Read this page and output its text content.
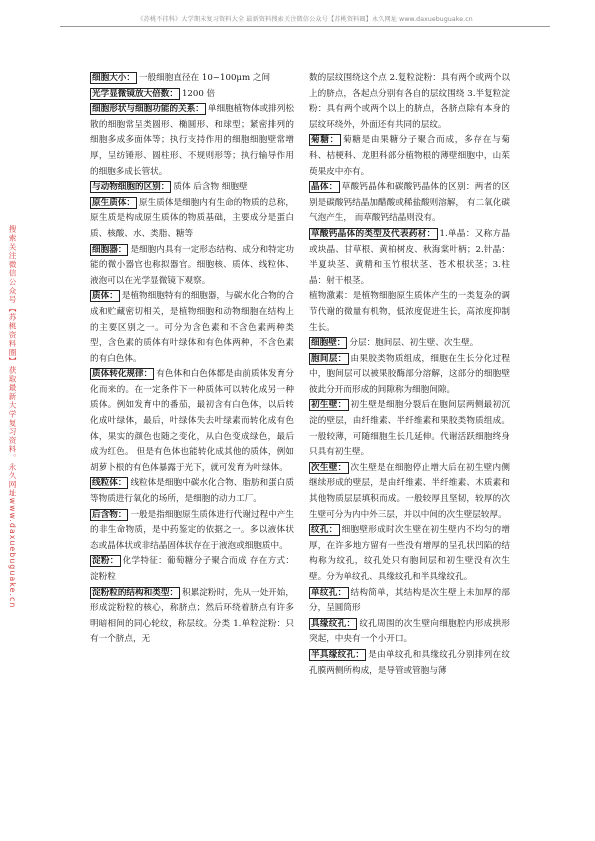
《苏桃不挂科》大学期末复习资料大全 最新资料搜索关注微信公众号【苏桃资料圈】永久网址 www.daxuebuguake.cn
搜索关注微信公众号【苏桃资料圈】获取最新大学复习资料。永久网址www.daxuebuguake.cn

细胞大小： 一般细胞直径在 10~100μm 之间

光学显微镜放大倍数： 1200 倍

细胞形状与细胞功能的关系： 单细胞植物体或排列松散的细胞常呈类圆形、椭圆形、和球型；紧密排列的细胞多成多面体等；执行支持作用的细胞细胞壁常增厚，呈纺锤形、圆柱形、不规则形等；执行输导作用的细胞多成长管状。

与动物细胞的区别： 质体 后含物 细胞壁

原生质体： 原生质体是细胞内有生命的物质的总称，原生质是构成原生质体的物质基础，主要成分是蛋白质、核酸、水、类脂、糖等

细胞器： 是细胞内具有一定形态结构、成分和特定功能的微小器官也称拟器官。细胞核、质体、线粒体、液泡可以在光学显微镜下观察。

质体： 是植物细胞特有的细胞器，与碳水化合物的合成和贮藏密切相关，是植物细胞和动物细胞在结构上的主要区别之一。可分为含色素和不含色素两种类型，含色素的质体有叶绿体和有色体两种，不含色素的有白色体。

质体转化规律： 有色体和白色体都是由前质体发育分化而来的。在一定条件下一种质体可以转化成另一种质体。例如发育中的番茄，最初含有白色体，以后转化成叶绿体，最后，叶绿体失去叶绿素而转化成有色体，果实的颜色也随之变化，从白色变成绿色，最后成为红色。 但是有色体也能转化成其他的质体，例如胡萝卜根的有色体暴露于光下，就可发育为叶绿体。

线粒体： 线粒体是细胞中碳水化合物、脂肪和蛋白质等物质进行氧化的场所，是细胞的动力工厂。

后含物： 一般是指细胞原生质体进行代谢过程中产生的非生命物质，是中药鉴定的依据之一。多以液体状态或晶体状或非结晶固体状存在于液泡或细胞质中。

淀粉： 化学特征：葡萄糖分子聚合而成 存在方式：淀粉粒

淀粉粒的结构和类型： 积累淀粉时，先从一处开始，形成淀粉粒的核心，称脐点；然后环绕着脐点有许多明暗相间的同心轮纹，称层纹。分类 1.单粒淀粉：只有一个脐点，无

数的层纹围绕这个点 2.复粒淀粉：具有两个或两个以上的脐点，各起点分别有各自的层纹围绕 3.半复粒淀粉：具有两个或两个以上的脐点，各脐点除有本身的层纹环绕外，外面还有共同的层纹。

菊糖： 菊糖是由果糖分子聚合而成，多存在与菊科、桔梗科、龙胆科部分植物根的薄壁细胞中，山茱萸果皮中亦有。

晶体： 草酸钙晶体和碳酸钙晶体的区别：两者的区别是碳酸钙结晶加醋酸或稀盐酸则溶解， 有二氧化碳气泡产生， 而草酸钙结晶则没有。

草酸钙晶体的类型及代表药材： 1.单晶：又称方晶或块晶、甘草根、黄柏树皮、秋海棠叶柄；2.针晶：半夏块茎、黄精和玉竹根状茎、苍术根状茎；3.柱晶：射干根茎。

植物激素：是植物细胞原生质体产生的一类复杂的调节代谢的微量有机物，低浓度促进生长，高浓度抑制生长。

细胞壁： 分层：胞间层、初生壁、次生壁。

胞间层： 由果胶类物质组成，细胞在生长分化过程中，胞间层可以被果胶酶部分溶解，这部分的细胞壁彼此分开而形成的间隙称为细胞间隙。

初生壁： 初生壁是细胞分裂后在胞间层两侧最初沉淀的壁层，由纤维素、半纤维素和果胶类物质组成。一般较薄，可随细胞生长几延伸。代谢活跃细胞终身只具有初生壁。

次生壁： 次生壁是在细胞停止增大后在初生壁内侧继续形成的壁层，是由纤维素、半纤维素、木质素和其他物质层层填积而成。一般较厚且坚韧，较厚的次生壁可分为内中外三层，并以中间的次生壁层较厚。

纹孔： 细胞壁形成时次生壁在初生壁内不均匀的增厚，在许多地方留有一些没有增厚的呈孔状凹陷的结构称为纹孔，纹孔处只有胞间层和初生壁没有次生壁。分为单纹孔、具缘纹孔和半具缘纹孔。

单纹孔： 结构简单，其结构是次生壁上未加厚的部分，呈圆筒形

具缘纹孔： 纹孔周围的次生壁向细胞腔内形成拱形突起，中央有一个小开口。

半具缘纹孔： 是由单纹孔和具缘纹孔分别排列在纹孔膜两侧所构成，是导管或管胞与薄
